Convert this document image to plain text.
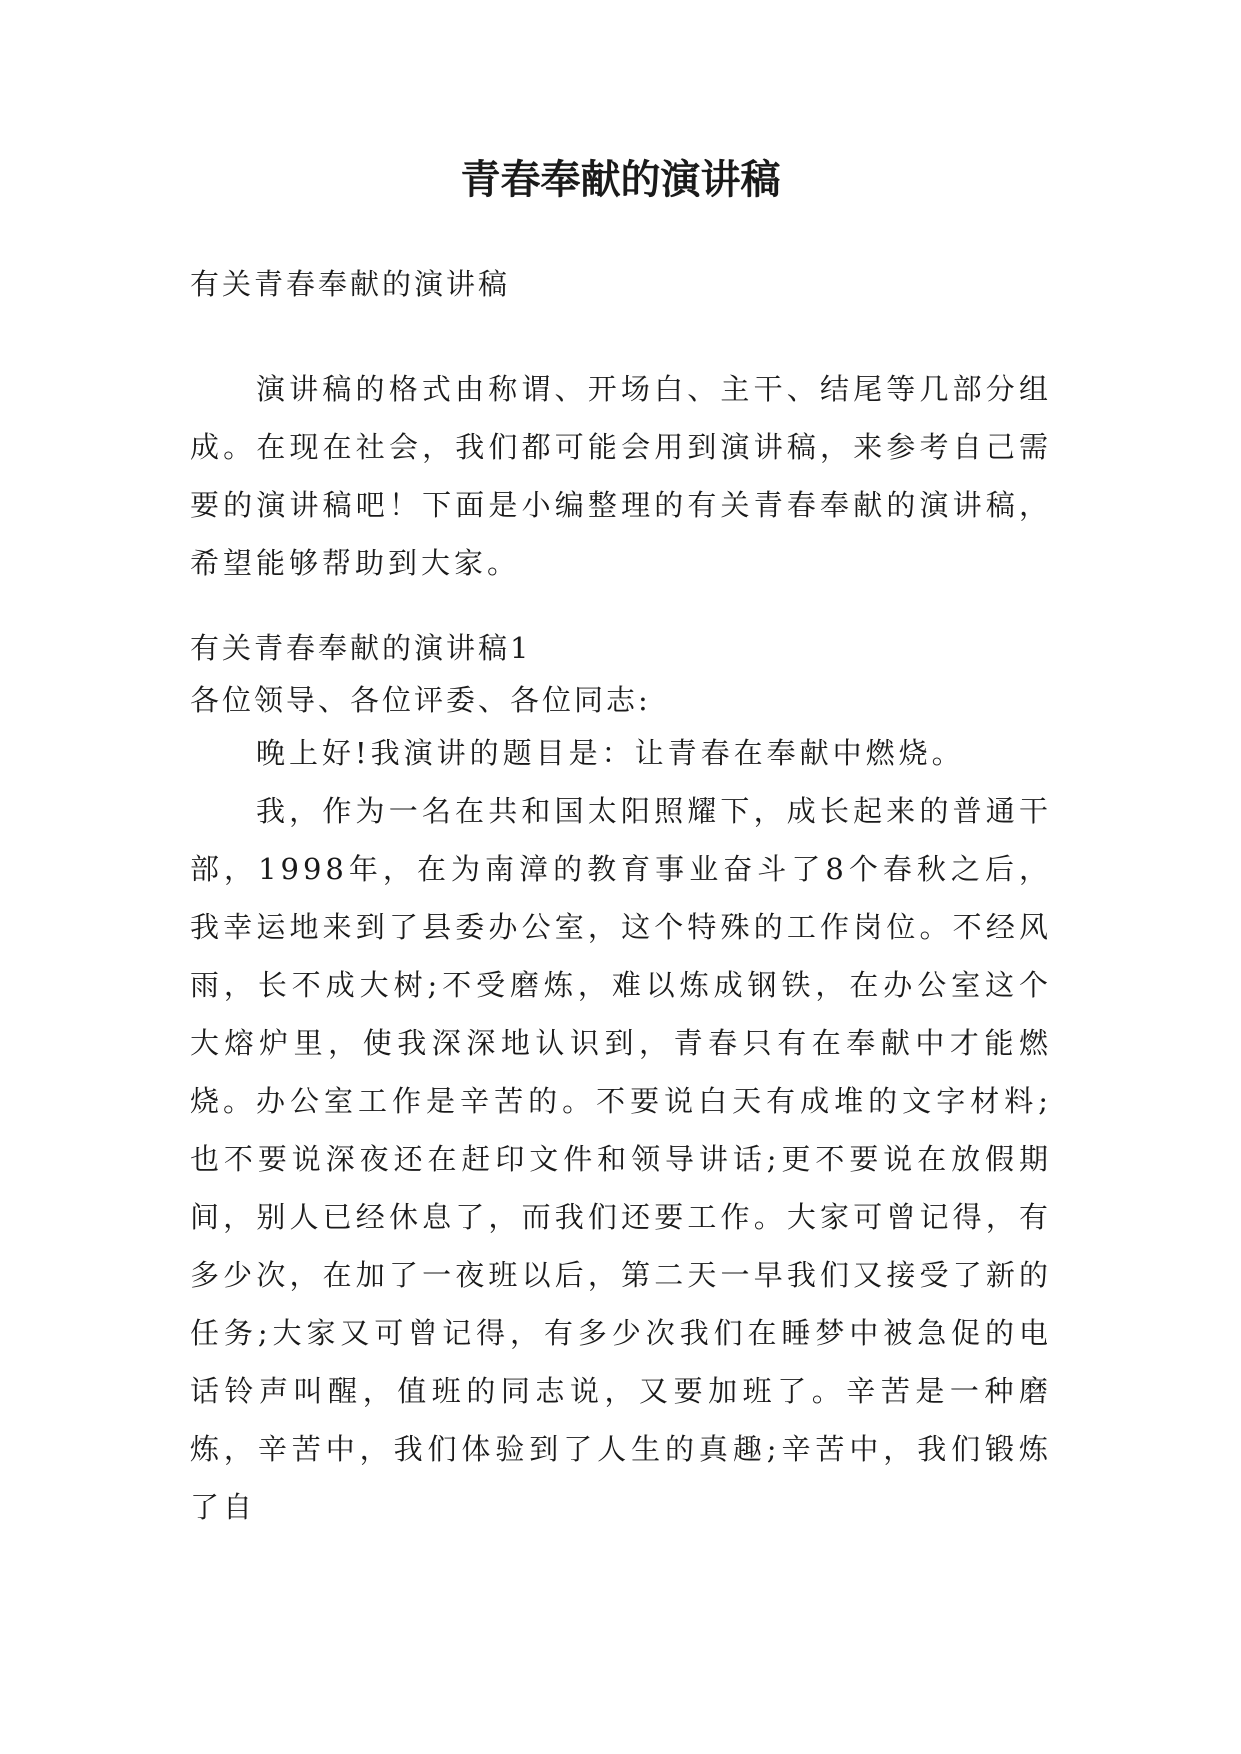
青春奉献的演讲稿

有关青春奉献的演讲稿

演讲稿的格式由称谓、开场白、主干、结尾等几部分组成。在现在社会，我们都可能会用到演讲稿，来参考自己需要的演讲稿吧！下面是小编整理的有关青春奉献的演讲稿，希望能够帮助到大家。

有关青春奉献的演讲稿1

各位领导、各位评委、各位同志:

晚上好!我演讲的题目是：让青春在奉献中燃烧。

我，作为一名在共和国太阳照耀下，成长起来的普通干部，1998年，在为南漳的教育事业奋斗了8个春秋之后，我幸运地来到了县委办公室，这个特殊的工作岗位。不经风雨，长不成大树;不受磨炼，难以炼成钢铁，在办公室这个大熔炉里，使我深深地认识到，青春只有在奉献中才能燃烧。 办公室工作是辛苦的。不要说白天有成堆的文字材料;也不要说深夜还在赶印文件和领导讲话;更不要说在放假期间，别人已经休息了，而我们还要工作。大家可曾记得，有多少次，在加了一夜班以后，第二天一早我们又接受了新的任务;大家又可曾记得，有多少次我们在睡梦中被急促的电话铃声叫醒，值班的同志说，又要加班了。辛苦是一种磨炼，辛苦中，我们体验到了人生的真趣;辛苦中，我们锻炼了自
